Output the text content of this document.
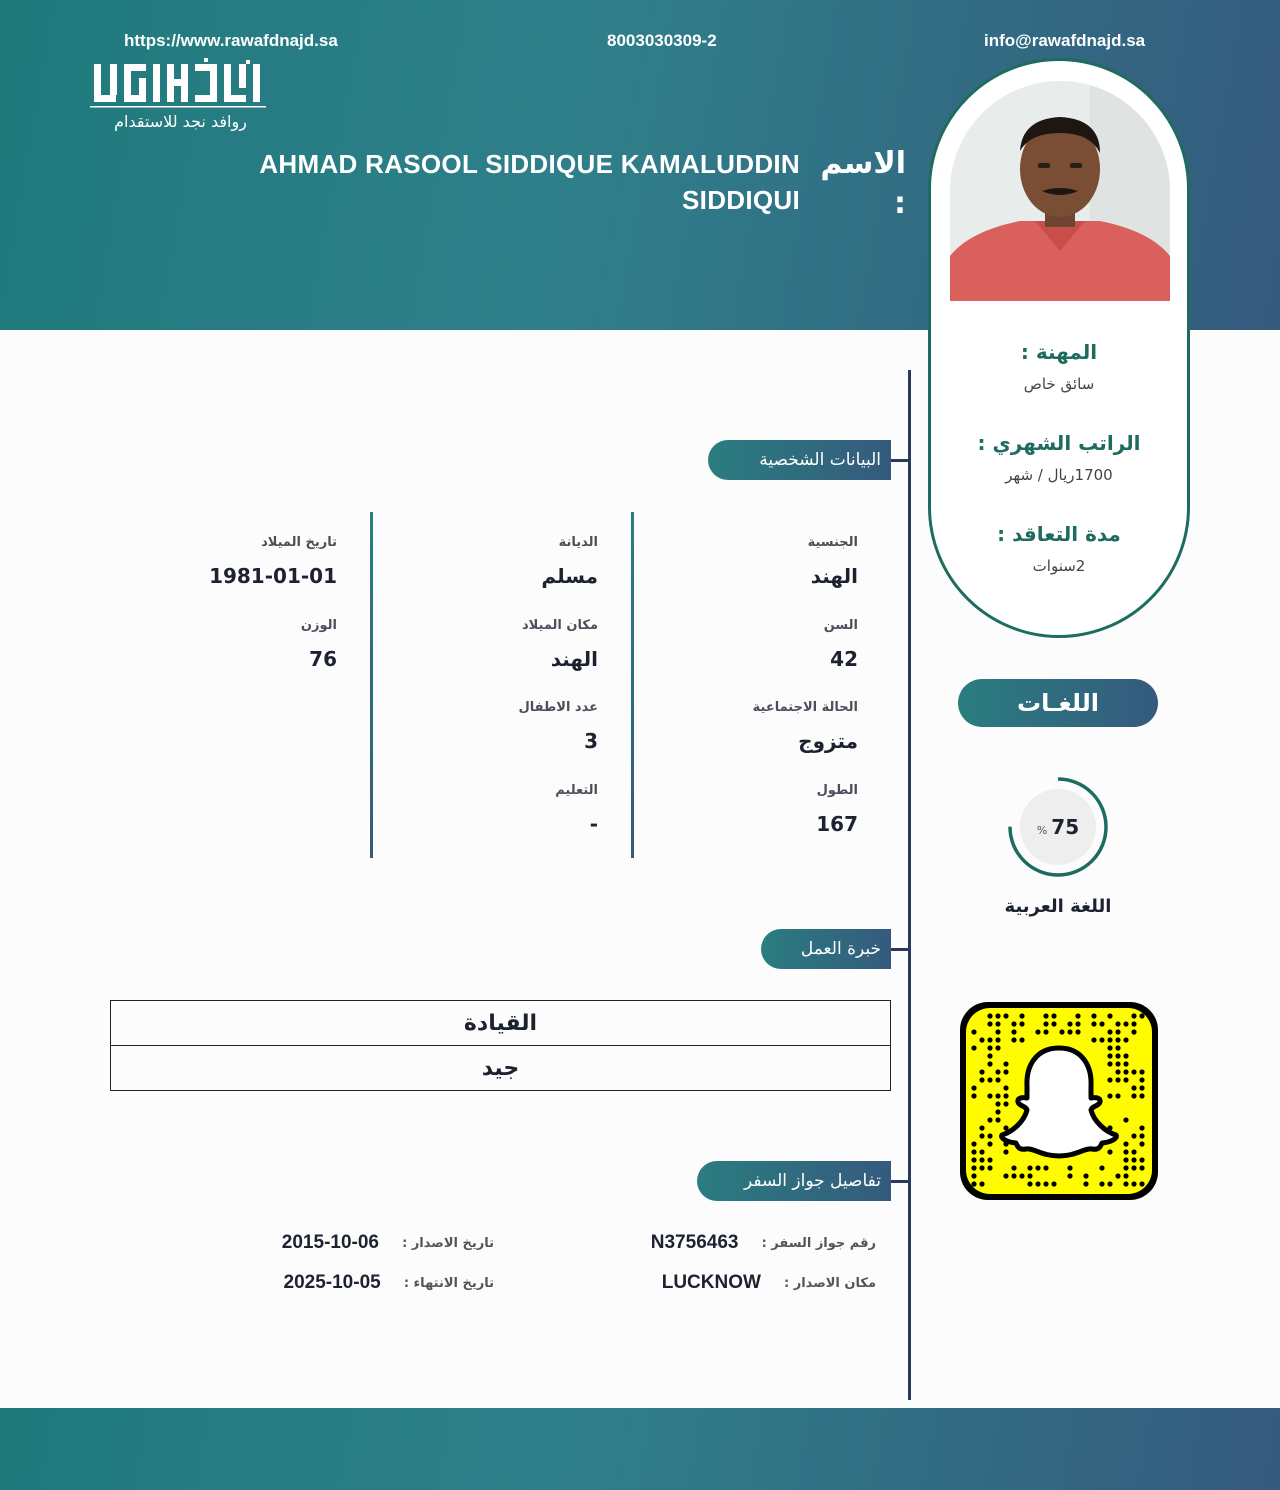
روافد نجد للاستقدام
الاسم :
AHMAD RASOOL SIDDIQUE KAMALUDDIN SIDDIQUI
المهنة :
سائق خاص
الراتب الشهري :
1700ريال / شهر
مدة التعاقد :
2سنوات
البيانات الشخصية
الجنسية
الهند
السن
42
الحالة الاجتماعية
متزوج
الطول
167
الديانة
مسلم
مكان الميلاد
الهند
عدد الاطفال
3
التعليم
-
تاريخ الميلاد
1981-01-01
الوزن
76
خبرة العمل
القيادة
جيد
تفاصيل جواز السفر
رقم جواز السفر : N3756463
مكان الاصدار : LUCKNOW
تاريخ الاصدار : 2015-10-06
تاريخ الانتهاء : 2025-10-05
اللغـات
% 75
اللغة العربية
https://www.rawafdnajd.sa	8003030309-2	info@rawafdnajd.sa
